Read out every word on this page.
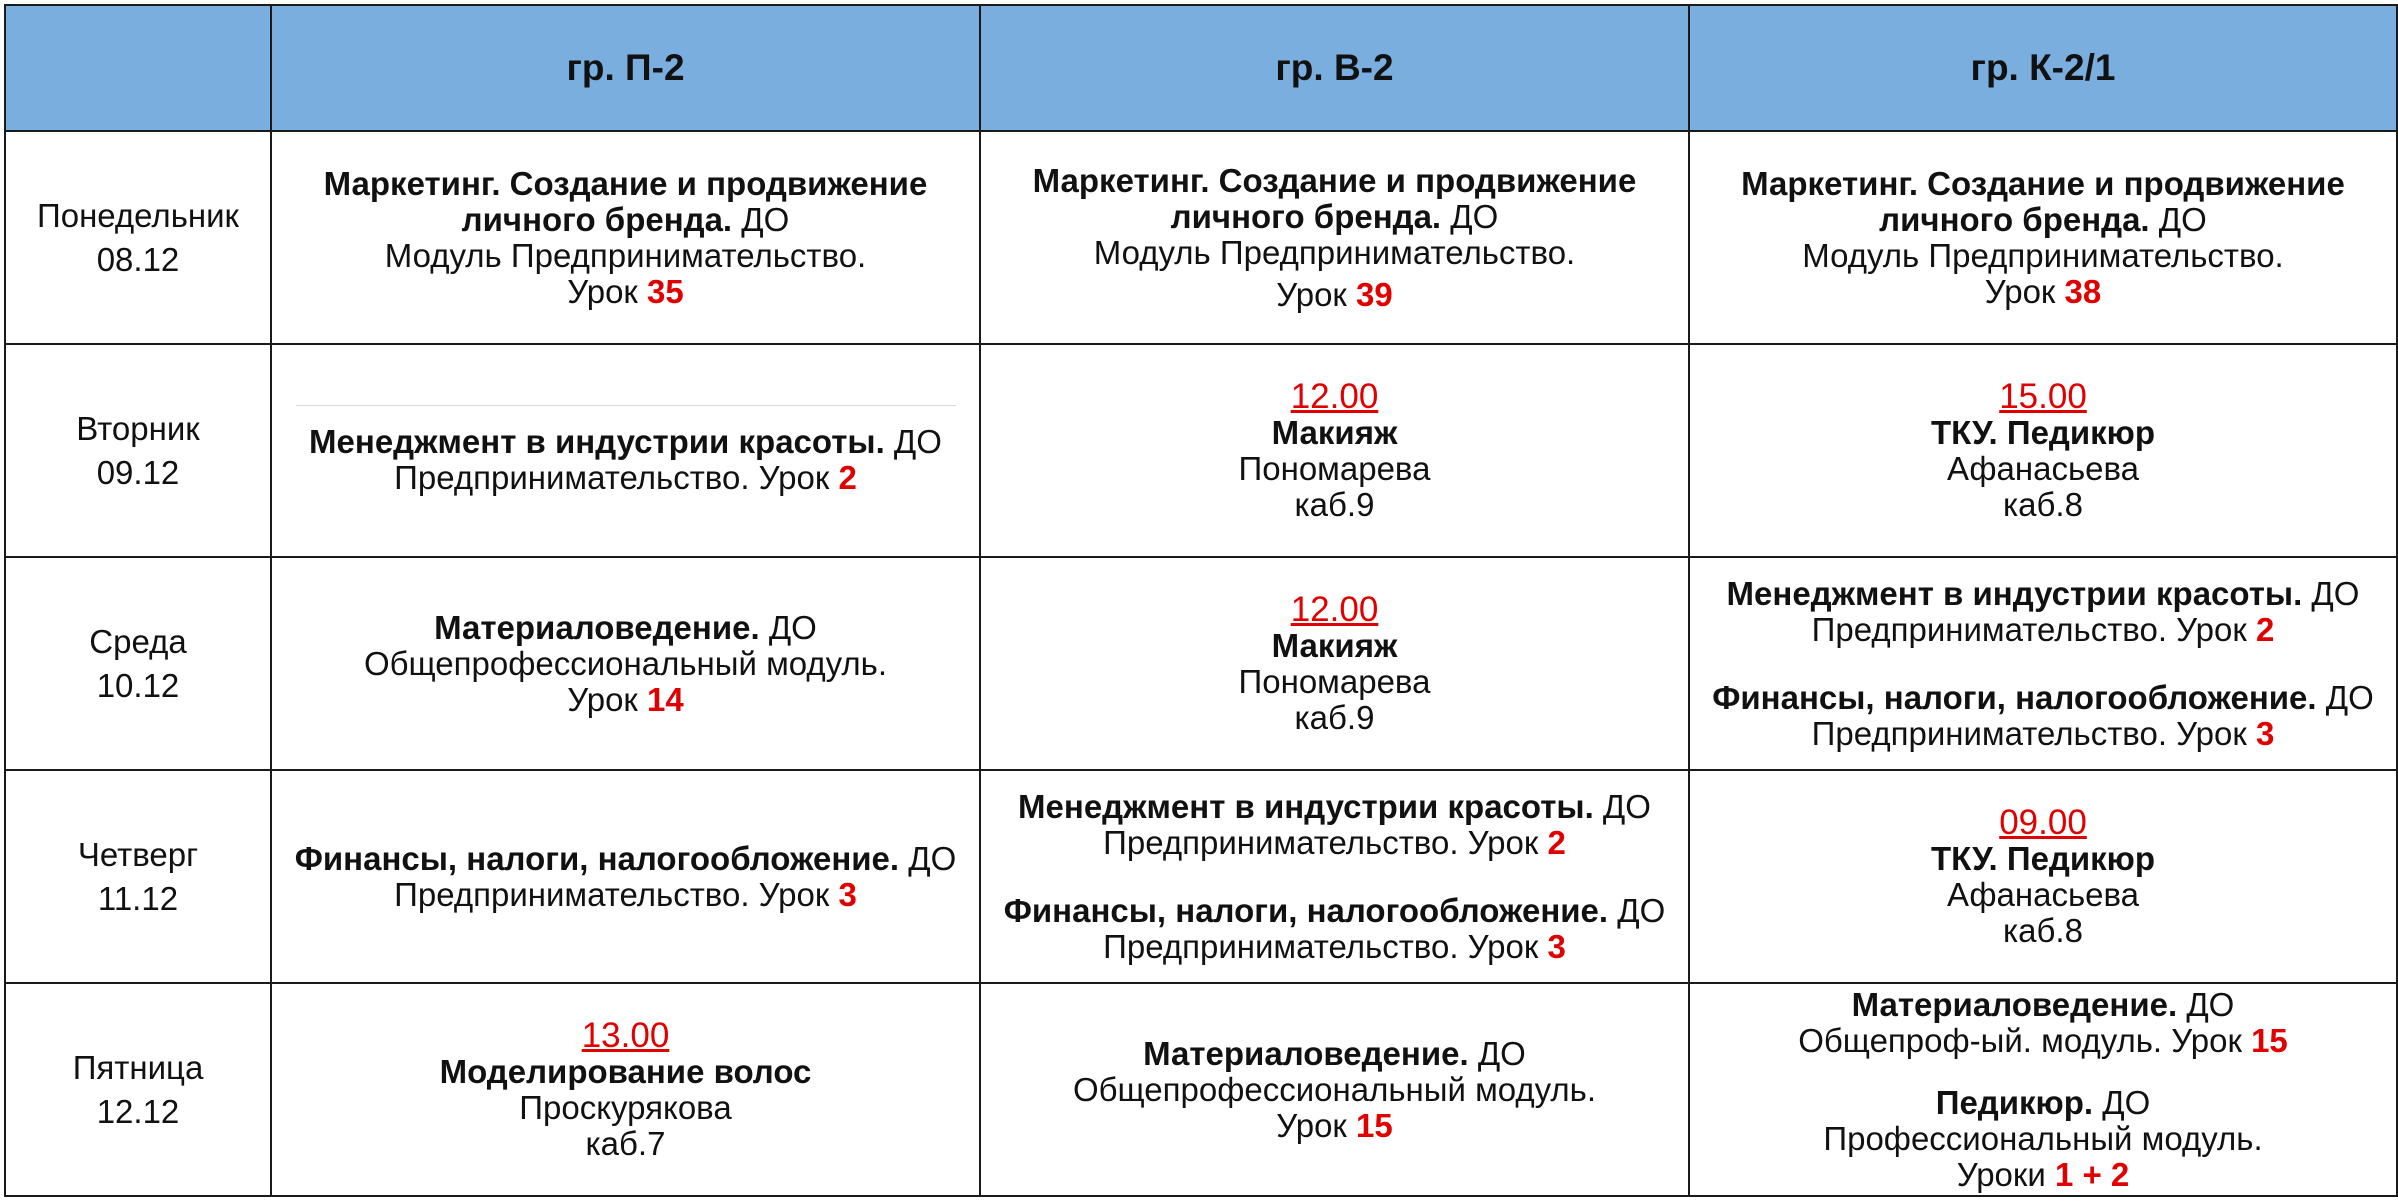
	гр. П-2	гр. В-2	гр. К-2/1

Понедельник
08.12	Маркетинг. Создание и продвижение личного бренда. ДО
Модуль Предпринимательство.
Урок 35	Маркетинг. Создание и продвижение личного бренда. ДО
Модуль Предпринимательство.
Урок 39	Маркетинг. Создание и продвижение личного бренда. ДО
Модуль Предпринимательство.
Урок 38

Вторник
09.12	Менеджмент в индустрии красоты. ДО
Предпринимательство. Урок 2	12.00
Макияж
Пономарева
каб.9	15.00
ТКУ. Педикюр
Афанасьева
каб.8

Среда
10.12	Материаловедение. ДО
Общепрофессиональный модуль.
Урок 14	12.00
Макияж
Пономарева
каб.9	Менеджмент в индустрии красоты. ДО
Предпринимательство. Урок 2
Финансы, налоги, налогообложение. ДО
Предпринимательство. Урок 3

Четверг
11.12	Финансы, налоги, налогообложение. ДО
Предпринимательство. Урок 3	Менеджмент в индустрии красоты. ДО
Предпринимательство. Урок 2
Финансы, налоги, налогообложение. ДО
Предпринимательство. Урок 3	09.00
ТКУ. Педикюр
Афанасьева
каб.8

Пятница
12.12	13.00
Моделирование волос
Проскурякова
каб.7	Материаловедение. ДО
Общепрофессиональный модуль.
Урок 15	Материаловедение. ДО
Общепроф-ый. модуль. Урок 15
Педикюр. ДО
Профессиональный модуль.
Уроки 1 + 2
